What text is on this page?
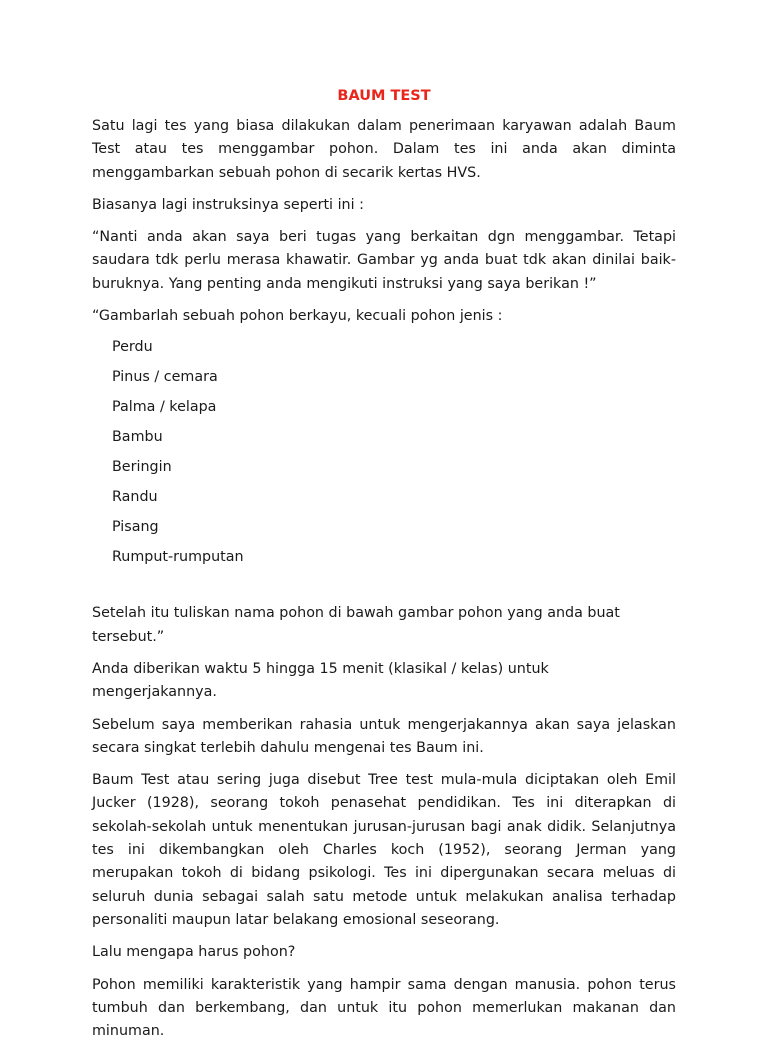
BAUM TEST

Satu lagi tes yang biasa dilakukan dalam penerimaan karyawan adalah Baum Test atau tes menggambar pohon. Dalam tes ini anda akan diminta menggambarkan sebuah pohon di secarik kertas HVS.

Biasanya lagi instruksinya seperti ini :

“Nanti anda akan saya beri tugas yang berkaitan dgn menggambar. Tetapi saudara tdk perlu merasa khawatir. Gambar yg anda buat tdk akan dinilai baik-buruknya. Yang penting anda mengikuti instruksi yang saya berikan !”

“Gambarlah sebuah pohon berkayu, kecuali pohon jenis :

Perdu
Pinus / cemara
Palma / kelapa
Bambu
Beringin
Randu
Pisang
Rumput-rumputan

Setelah itu tuliskan nama pohon di bawah gambar pohon yang anda buat tersebut.”

Anda diberikan waktu 5 hingga 15 menit (klasikal / kelas) untuk mengerjakannya.

Sebelum saya memberikan rahasia untuk mengerjakannya akan saya jelaskan secara singkat terlebih dahulu mengenai tes Baum ini.

Baum Test atau sering juga disebut Tree test mula-mula diciptakan oleh Emil Jucker (1928), seorang tokoh penasehat pendidikan. Tes ini diterapkan di sekolah-sekolah untuk menentukan jurusan-jurusan bagi anak didik. Selanjutnya tes ini dikembangkan oleh Charles koch (1952), seorang Jerman yang merupakan tokoh di bidang psikologi. Tes ini dipergunakan secara meluas di seluruh dunia sebagai salah satu metode untuk melakukan analisa terhadap personaliti maupun latar belakang emosional seseorang.

Lalu mengapa harus pohon?

Pohon memiliki karakteristik yang hampir sama dengan manusia. pohon terus tumbuh dan berkembang, dan untuk itu pohon memerlukan makanan dan minuman.
